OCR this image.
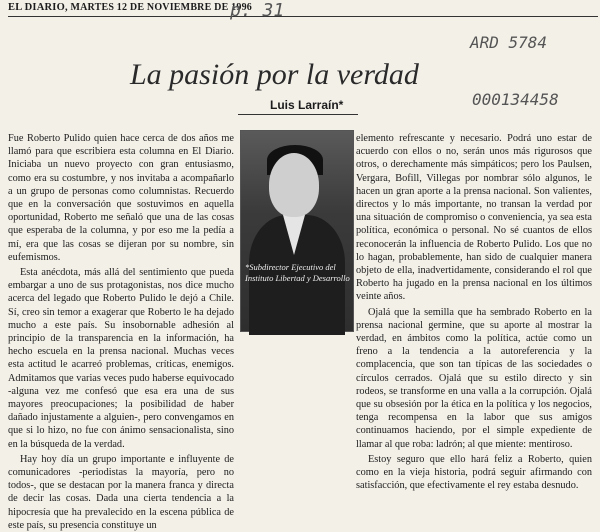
EL DIARIO, MARTES 12 DE NOVIEMBRE DE 1996
p. 31
ARD 5784
000134458
La pasión por la verdad
Luis Larraín*
*Subdirector Ejecutivo del Instituto Libertad y Desarrollo

Fue Roberto Pulido quien hace cerca de dos años me llamó para que escribiera esta columna en El Diario. Iniciaba un nuevo proyecto con gran entusiasmo, como era su costumbre, y nos invitaba a acompañarlo a un grupo de personas como columnistas. Recuerdo que en la conversación que sostuvimos en aquella oportunidad, Roberto me señaló que una de las cosas que esperaba de la columna, y por eso me la pedía a mí, era que las cosas se dijeran por su nombre, sin eufemismos.

Esta anécdota, más allá del sentimiento que pueda embargar a uno de sus protagonistas, nos dice mucho acerca del legado que Roberto Pulido le dejó a Chile. Sí, creo sin temor a exagerar que Roberto le ha dejado mucho a este país. Su insobornable adhesión al principio de la transparencia en la información, ha hecho escuela en la prensa nacional. Muchas veces esta actitud le acarreó problemas, críticas, enemigos. Admitamos que varias veces pudo haberse equivocado -alguna vez me confesó que esa era una de sus mayores preocupaciones; la posibilidad de haber dañado injustamente a alguien-, pero convengamos en que si lo hizo, no fue con ánimo sensacionalista, sino en la búsqueda de la verdad.

Hay hoy día un grupo importante e influyente de comunicadores -periodistas la mayoría, pero no todos-, que se destacan por la manera franca y directa de decir las cosas. Dada una cierta tendencia a la hipocresía que ha prevalecido en la escena pública de este país, su presencia constituye un

elemento refrescante y necesario. Podrá uno estar de acuerdo con ellos o no, serán unos más rigurosos que otros, o derechamente más simpáticos; pero los Paulsen, Vergara, Bofill, Villegas por nombrar sólo algunos, le hacen un gran aporte a la prensa nacional. Son valientes, directos y lo más importante, no transan la verdad por una situación de compromiso o conveniencia, ya sea esta política, económica o personal. No sé cuantos de ellos reconocerán la influencia de Roberto Pulido. Los que no lo hagan, probablemente, han sido de cualquier manera objeto de ella, inadvertidamente, considerando el rol que Roberto ha jugado en la prensa nacional en los últimos veinte años.

Ojalá que la semilla que ha sembrado Roberto en la prensa nacional germine, que su aporte al mostrar la verdad, en ámbitos como la política, actúe como un freno a la tendencia a la autoreferencia y la complacencia, que son tan típicas de las sociedades o círculos cerrados. Ojalá que su estilo directo y sin rodeos, se transforme en una valla a la corrupción. Ojalá que su obsesión por la ética en la política y los negocios, tenga recompensa en la labor que sus amigos continuamos haciendo, por el simple expediente de llamar al que roba: ladrón; al que miente: mentiroso.

Estoy seguro que ello hará feliz a Roberto, quien como en la vieja historia, podrá seguir afirmando con satisfacción, que efectivamente el rey estaba desnudo.
